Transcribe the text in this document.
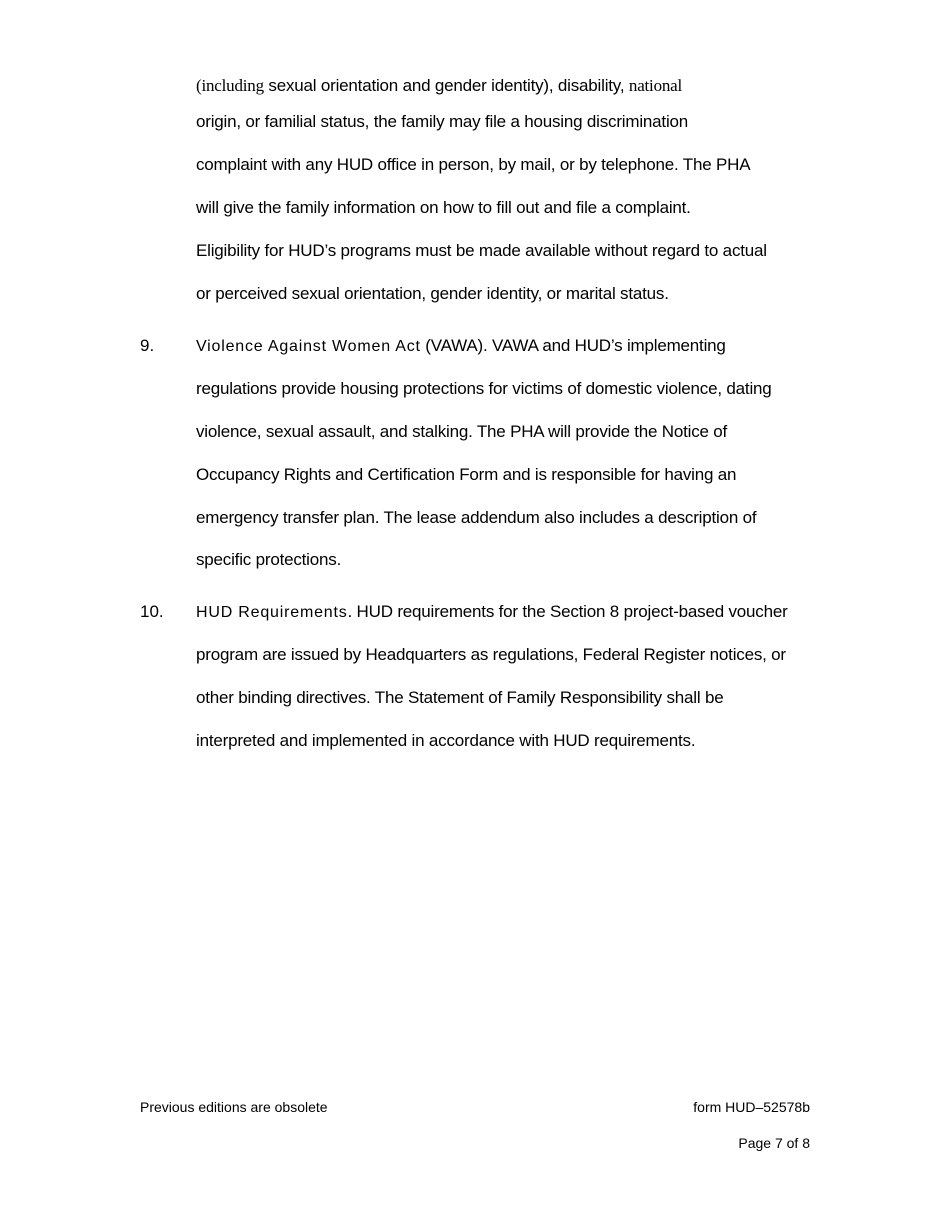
(including sexual orientation and gender identity), disability, national
origin, or familial status, the family may file a housing discrimination
complaint with any HUD office in person, by mail, or by telephone. The PHA
will give the family information on how to fill out and file a complaint.
Eligibility for HUD’s programs must be made available without regard to actual
or perceived sexual orientation, gender identity, or marital status.
9.	Violence Against Women Act (VAWA). VAWA and HUD’s implementing
regulations provide housing protections for victims of domestic violence, dating
violence, sexual assault, and stalking. The PHA will provide the Notice of
Occupancy Rights and Certification Form and is responsible for having an
emergency transfer plan. The lease addendum also includes a description of
specific protections.
10. HUD Requirements. HUD requirements for the Section 8 project-based voucher
program are issued by Headquarters as regulations, Federal Register notices, or
other binding directives. The Statement of Family Responsibility shall be
interpreted and implemented in accordance with HUD requirements.
Previous editions are obsolete	form HUD–52578b
Page 7 of 8
